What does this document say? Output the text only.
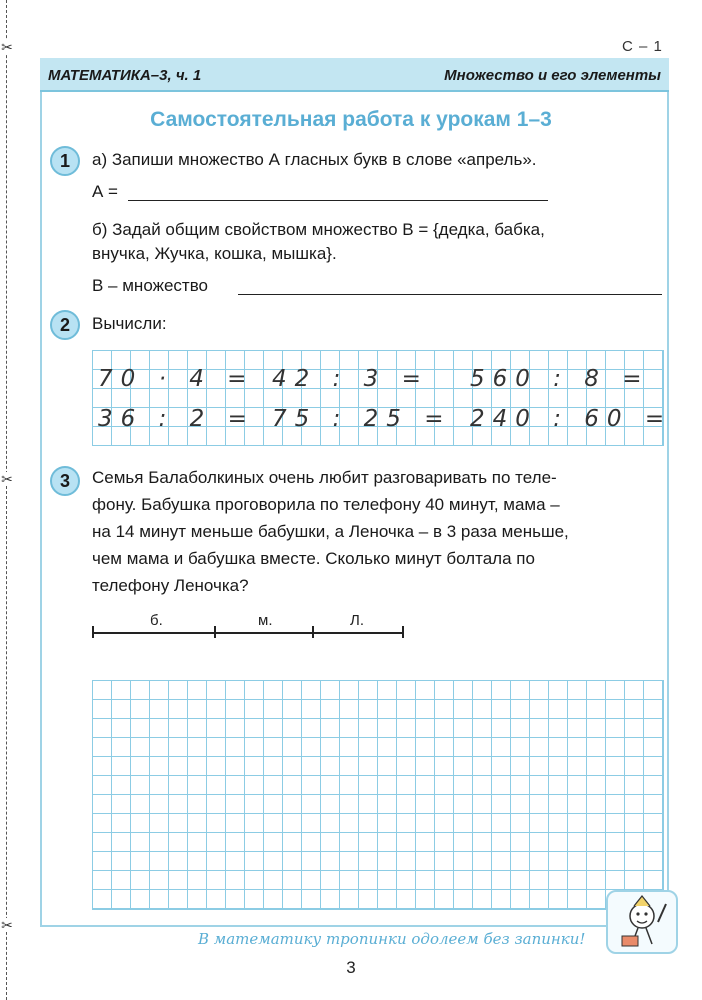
✂
✂
✂
С – 1
МАТЕМАТИКА–3, ч. 1	Множество и его элементы
Самостоятельная работа к урокам 1–3
1	а) Запиши множество А гласных букв в слове «апрель».
А =
б) Задай общим свойством множество В = {дедка, бабка,
внучка, Жучка, кошка, мышка}.
В – множество
2	Вычисли:
70 · 4 = 42 : 3 = 560 : 8 =
36 : 2 = 75 : 25 = 240 : 60 =
3	Семья Балаболкиных очень любит разговаривать по теле-
фону. Бабушка проговорила по телефону 40 минут, мама –
на 14 минут меньше бабушки, а Леночка – в 3 раза меньше,
чем мама и бабушка вместе. Сколько минут болтала по
телефону Леночка?
б.	м.	Л.
В математику тропинки одолеем без запинки!
3
